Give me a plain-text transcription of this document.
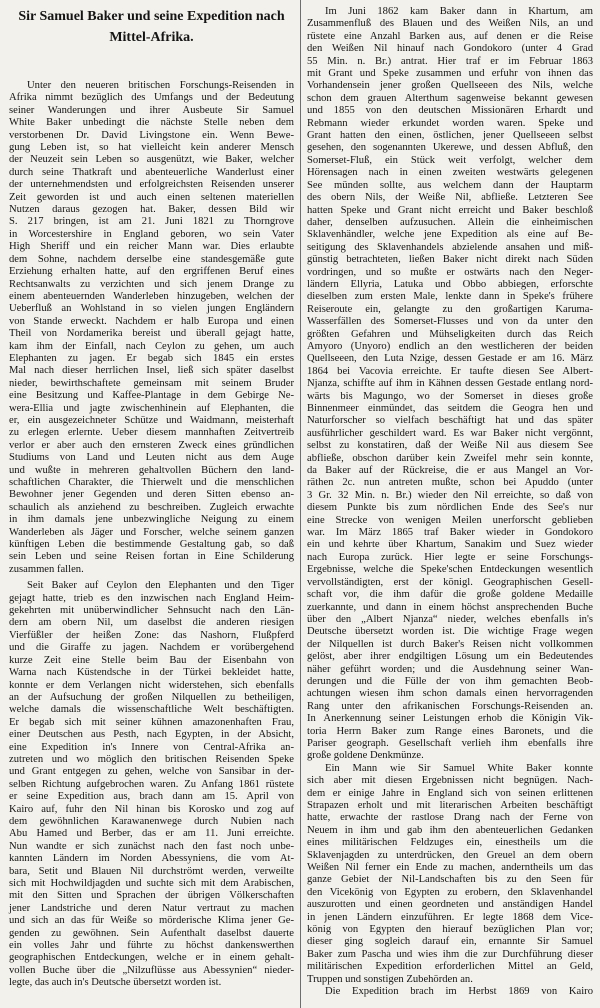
Sir Samuel Baker und seine Expedition nach
Mittel-Afrika.
Unter den neueren britischen Forschungs-Reisenden in
Afrika nimmt bezüglich des Umfangs und der Bedeutung
seiner Wanderungen und ihrer Ausbeute Sir Samuel
White Baker unbedingt die nächste Stelle neben dem
verstorbenen Dr. David Livingstone ein. Wenn Bewe-
gung Leben ist, so hat vielleicht kein anderer Mensch
der Neuzeit sein Leben so ausgenützt, wie Baker, welcher
durch seine Thatkraft und abenteuerliche Wanderlust einer
der unternehmendsten und erfolgreichsten Reisenden unserer
Zeit geworden ist und auch einen seltenen materiellen
Nutzen daraus gezogen hat. Baker, dessen Bild wir
S. 217 bringen, ist am 21. Juni 1821 zu Thorngrove
in Worcestershire in England geboren, wo sein Vater
High Sheriff und ein reicher Mann war. Dies erlaubte
dem Sohne, nachdem derselbe eine standesgemäße gute
Erziehung erhalten hatte, auf den ergriffenen Beruf eines
Rechtsanwalts zu verzichten und sich jenem Drange zu
einem abenteuernden Wanderleben hinzugeben, welchen der
Ueberfluß an Wohlstand in so vielen jungen Engländern
von Stande erweckt. Nachdem er halb Europa und einen
Theil von Nordamerika bereist und überall gejagt hatte,
kam ihm der Einfall, nach Ceylon zu gehen, um auch
Elephanten zu jagen. Er begab sich 1845 ein erstes
Mal nach dieser herrlichen Insel, ließ sich später daselbst
nieder, bewirthschaftete gemeinsam mit seinem Bruder
eine Besitzung und Kaffee-Plantage in dem Gebirge Ne-
wera-Ellia und jagte zwischenhinein auf Elephanten, die
er, ein ausgezeichneter Schütze und Waidmann, meisterhaft
zu erlegen erlernte. Ueber diesem mannhaften Zeitvertreib
verlor er aber auch den ernsteren Zweck eines gründlichen
Studiums von Land und Leuten nicht aus dem Auge
und wußte in mehreren gehaltvollen Büchern den land-
schaftlichen Charakter, die Thierwelt und die menschlichen
Bewohner jener Gegenden und deren Sitten ebenso an-
schaulich als anziehend zu beschreiben. Zugleich erwachte
in ihm damals jene unbezwingliche Neigung zu einem
Wanderleben als Jäger und Forscher, welche seinem ganzen
künftigen Leben die bestimmende Gestaltung gab, so daß
sein Leben und seine Reisen fortan in Eine Schilderung
zusammen fallen.
Seit Baker auf Ceylon den Elephanten und den Tiger
gejagt hatte, trieb es den inzwischen nach England Heim-
gekehrten mit unüberwindlicher Sehnsucht nach den Län-
dern am obern Nil, um daselbst die anderen riesigen
Vierfüßler der heißen Zone: das Nashorn, Flußpferd
und die Giraffe zu jagen. Nachdem er vorübergehend
kurze Zeit eine Stelle beim Bau der Eisenbahn von
Warna nach Küstendsche in der Türkei bekleidet hatte,
konnte er dem Verlangen nicht widerstehen, sich ebenfalls
an der Aufsuchung der großen Nilquellen zu betheiligen,
welche damals die wissenschaftliche Welt beschäftigten.
Er begab sich mit seiner kühnen amazonenhaften Frau,
einer Deutschen aus Pesth, nach Egypten, in der Absicht,
eine Expedition in's Innere von Central-Afrika an-
zutreten und wo möglich den britischen Reisenden Speke
und Grant entgegen zu gehen, welche von Sansibar in der-
selben Richtung aufgebrochen waren. Zu Anfang 1861 rüstete
er seine Expedition aus, brach dann am 15. April von
Kairo auf, fuhr den Nil hinan bis Korosko und zog auf
dem gewöhnlichen Karawanenwege durch Nubien nach
Abu Hamed und Berber, das er am 11. Juni erreichte.
Nun wandte er sich zunächst nach den fast noch unbe-
kannten Ländern im Norden Abessyniens, die vom At-
bara, Setit und Blauen Nil durchströmt werden, verweilte
sich mit Hochwildjagden und suchte sich mit dem Arabischen,
mit den Sitten und Sprachen der übrigen Völkerschaften
jener Landstriche und deren Natur vertraut zu machen
und sich an das für Weiße so mörderische Klima jener Ge-
genden zu gewöhnen. Sein Aufenthalt daselbst dauerte
ein volles Jahr und führte zu höchst dankenswerthen
geographischen Entdeckungen, welche er in einem gehalt-
vollen Buche über die „Nilzuflüsse aus Abessynien“ nieder-
legte, das auch in's Deutsche übersetzt worden ist.
Im Juni 1862 kam Baker dann in Khartum, am
Zusammenfluß des Blauen und des Weißen Nils, an und
rüstete eine Anzahl Barken aus, auf denen er die Reise
den Weißen Nil hinauf nach Gondokoro (unter 4 Grad
55 Min. n. Br.) antrat. Hier traf er im Februar 1863
mit Grant und Speke zusammen und erfuhr von ihnen das
Vorhandensein jener großen Quellseeen des Nils, welche
schon dem grauen Alterthum sagenweise bekannt gewesen
und 1855 von den deutschen Missionären Erhardt und
Rebmann wieder erkundet worden waren. Speke und
Grant hatten den einen, östlichen, jener Quellseeen selbst
gesehen, den sogenannten Ukerewe, und dessen Abfluß, den
Somerset-Fluß, ein Stück weit verfolgt, welcher dem
Hörensagen nach in einen zweiten westwärts gelegenen
See münden sollte, aus welchem dann der Hauptarm
des obern Nils, der Weiße Nil, abfließe. Letzteren See
hatten Speke und Grant nicht erreicht und Baker beschloß
daher, denselben aufzusuchen. Allein die einheimischen
Sklavenhändler, welche jene Expedition als eine auf Be-
seitigung des Sklavenhandels abzielende ansahen und miß-
günstig betrachteten, ließen Baker nicht direkt nach Süden
vordringen, und so mußte er ostwärts nach den Neger-
ländern Ellyria, Latuka und Obbo abbiegen, erforschte
dieselben zum ersten Male, lenkte dann in Speke's frühere
Reiseroute ein, gelangte zu den großartigen Karuma-
Wasserfällen des Somerset-Flusses und von da unter den
größten Gefahren und Mühseligkeiten durch das Reich
Amyoro (Unyoro) endlich an den westlicheren der beiden
Quellseeen, den Luta Nzige, dessen Gestade er am 16. März
1864 bei Vacovia erreichte. Er taufte diesen See Albert-
Njanza, schiffte auf ihm in Kähnen dessen Gestade entlang nord-
wärts bis Magungo, wo der Somerset in dieses große
Binnenmeer einmündet, das seitdem die Geogra hen und
Naturforscher so vielfach beschäftigt hat und das später
ausführlicher geschildert ward. Es war Baker nicht vergönnt,
selbst zu konstatiren, daß der Weiße Nil aus diesem See
abfließe, obschon darüber kein Zweifel mehr sein konnte,
da Baker auf der Rückreise, die er aus Mangel an Vor-
räthen 2c. nun antreten mußte, schon bei Apuddo (unter
3 Gr. 32 Min. n. Br.) wieder den Nil erreichte, so daß von
diesem Punkte bis zum nördlichen Ende des See's nur
eine Strecke von wenigen Meilen unerforscht geblieben
war. Im März 1865 traf Baker wieder in Gondokoro
ein und kehrte über Khartum, Sanakim und Suez wieder
nach Europa zurück. Hier legte er seine Forschungs-
Ergebnisse, welche die Speke'schen Entdeckungen wesentlich
vervollständigten, erst der königl. Geographischen Gesell-
schaft vor, die ihm dafür die große goldene Medaille
zuerkannte, und dann in einem höchst ansprechenden Buche
über den „Albert Njanza“ nieder, welches ebenfalls in's
Deutsche übersetzt worden ist. Die wichtige Frage wegen
der Nilquellen ist durch Baker's Reisen nicht vollkommen
gelöst, aber ihrer endgiltigen Lösung um ein Bedeutendes
näher geführt worden; und die Ausdehnung seiner Wan-
derungen und die Fülle der von ihm gemachten Beob-
achtungen wiesen ihm schon damals einen hervorragenden
Rang unter den afrikanischen Forschungs-Reisenden an.
In Anerkennung seiner Leistungen erhob die Königin Vik-
toria Herrn Baker zum Range eines Baronets, und die
Pariser geograph. Gesellschaft verlieh ihm ebenfalls ihre
große goldene Denkmünze.
Ein Mann wie Sir Samuel White Baker konnte
sich aber mit diesen Ergebnissen nicht begnügen. Nach-
dem er einige Jahre in England sich von seinen erlittenen
Strapazen erholt und mit literarischen Arbeiten beschäftigt
hatte, erwachte der rastlose Drang nach der Ferne von
Neuem in ihm und gab ihm den abenteuerlichen Gedanken
eines militärischen Feldzuges ein, einestheils um die
Sklavenjagden zu unterdrücken, den Greuel an dem obern
Weißen Nil ferner ein Ende zu machen, anderntheils um das
ganze Gebiet der Nil-Landschaften bis zu den Seen für
den Vicekönig von Egypten zu erobern, den Sklavenhandel
auszurotten und einen geordneten und anständigen Handel
in jenen Ländern einzuführen. Er legte 1868 dem Vice-
könig von Egypten den hierauf bezüglichen Plan vor;
dieser ging sogleich darauf ein, ernannte Sir Samuel
Baker zum Pascha und wies ihm die zur Durchführung dieser
militärischen Expedition erforderlichen Mittel an Geld,
Truppen und sonstigen Zubehörden an.
Die Expedition brach im Herbst 1869 von Kairo
